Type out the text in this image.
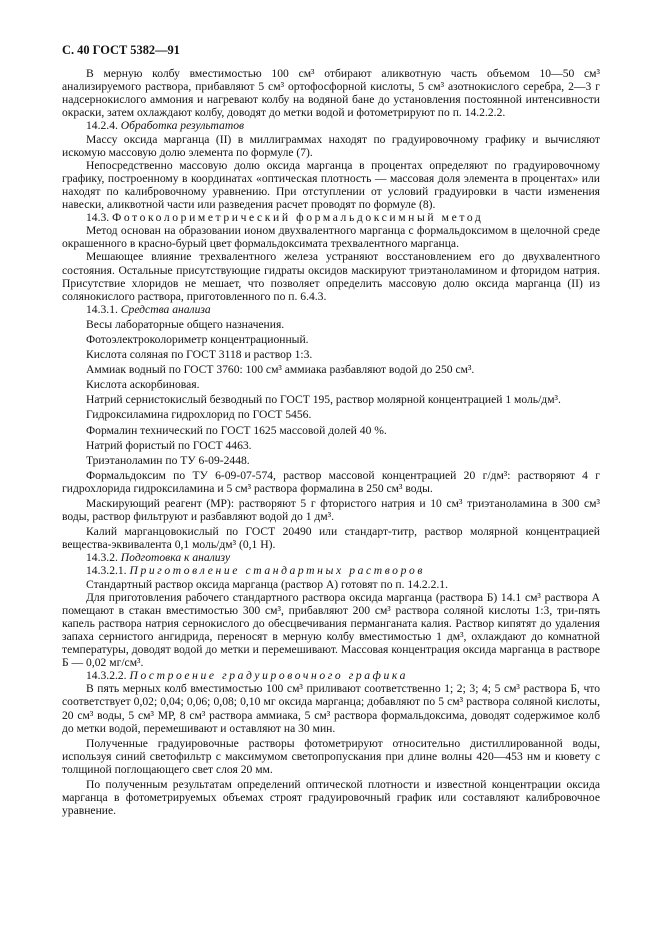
С. 40 ГОСТ 5382—91

В мерную колбу вместимостью 100 см³ отбирают аликвотную часть объемом 10—50 см³ анализируемого раствора, прибавляют 5 см³ ортофосфорной кислоты, 5 см³ азотнокислого серебра, 2—3 г надсернокислого аммония и нагревают колбу на водяной бане до установления постоянной интенсивности окраски, затем охлаждают колбу, доводят до метки водой и фотометрируют по п. 14.2.2.2.

14.2.4. Обработка результатов

Массу оксида марганца (II) в миллиграммах находят по градуировочному графику и вычисляют искомую массовую долю элемента по формуле (7).

Непосредственно массовую долю оксида марганца в процентах определяют по градуировочному графику, построенному в координатах «оптическая плотность — массовая доля элемента в процентах» или находят по калибровочному уравнению. При отступлении от условий градуировки в части изменения навески, аликвотной части или разведения расчет проводят по формуле (8).

14.3. Фотоколориметрический формальдоксимный метод

Метод основан на образовании ионом двухвалентного марганца с формальдоксимом в щелочной среде окрашенного в красно-бурый цвет формальдоксимата трехвалентного марганца.

Мешающее влияние трехвалентного железа устраняют восстановлением его до двухвалентного состояния. Остальные присутствующие гидраты оксидов маскируют триэтаноламином и фторидом натрия. Присутствие хлоридов не мешает, что позволяет определить массовую долю оксида марганца (II) из солянокислого раствора, приготовленного по п. 6.4.3.

14.3.1. Средства анализа

Весы лабораторные общего назначения.

Фотоэлектроколориметр концентрационный.

Кислота соляная по ГОСТ 3118 и раствор 1:3.

Аммиак водный по ГОСТ 3760: 100 см³ аммиака разбавляют водой до 250 см³.

Кислота аскорбиновая.

Натрий сернистокислый безводный по ГОСТ 195, раствор молярной концентрацией 1 моль/дм³.

Гидроксиламина гидрохлорид по ГОСТ 5456.

Формалин технический по ГОСТ 1625 массовой долей 40 %.

Натрий фористый по ГОСТ 4463.

Триэтаноламин по ТУ 6-09-2448.

Формальдоксим по ТУ 6-09-07-574, раствор массовой концентрацией 20 г/дм³: растворяют 4 г гидрохлорида гидроксиламина и 5 см³ раствора формалина в 250 см³ воды.

Маскирующий реагент (МР): растворяют 5 г фтористого натрия и 10 см³ триэтаноламина в 300 см³ воды, раствор фильтруют и разбавляют водой до 1 дм³.

Калий марганцовокислый по ГОСТ 20490 или стандарт-титр, раствор молярной концентрацией вещества-эквивалента 0,1 моль/дм³ (0,1 Н).

14.3.2. Подготовка к анализу

14.3.2.1. Приготовление стандартных растворов

Стандартный раствор оксида марганца (раствор А) готовят по п. 14.2.2.1.

Для приготовления рабочего стандартного раствора оксида марганца (раствора Б) 14.1 см³ раствора А помещают в стакан вместимостью 300 см³, прибавляют 200 см³ раствора соляной кислоты 1:3, три-пять капель раствора натрия сернокислого до обесцвечивания перманганата калия. Раствор кипятят до удаления запаха сернистого ангидрида, переносят в мерную колбу вместимостью 1 дм³, охлаждают до комнатной температуры, доводят водой до метки и перемешивают. Массовая концентрация оксида марганца в растворе Б — 0,02 мг/см³.

14.3.2.2. Построение градуировочного графика

В пять мерных колб вместимостью 100 см³ приливают соответственно 1; 2; 3; 4; 5 см³ раствора Б, что соответствует 0,02; 0,04; 0,06; 0,08; 0,10 мг оксида марганца; добавляют по 5 см³ раствора соляной кислоты, 20 см³ воды, 5 см³ МР, 8 см³ раствора аммиака, 5 см³ раствора формальдоксима, доводят содержимое колб до метки водой, перемешивают и оставляют на 30 мин.

Полученные градуировочные растворы фотометрируют относительно дистиллированной воды, используя синий светофильтр с максимумом светопропускания при длине волны 420—453 нм и кювету с толщиной поглощающего свет слоя 20 мм.

По полученным результатам определений оптической плотности и известной концентрации оксида марганца в фотометрируемых объемах строят градуировочный график или составляют калибровочное уравнение.
